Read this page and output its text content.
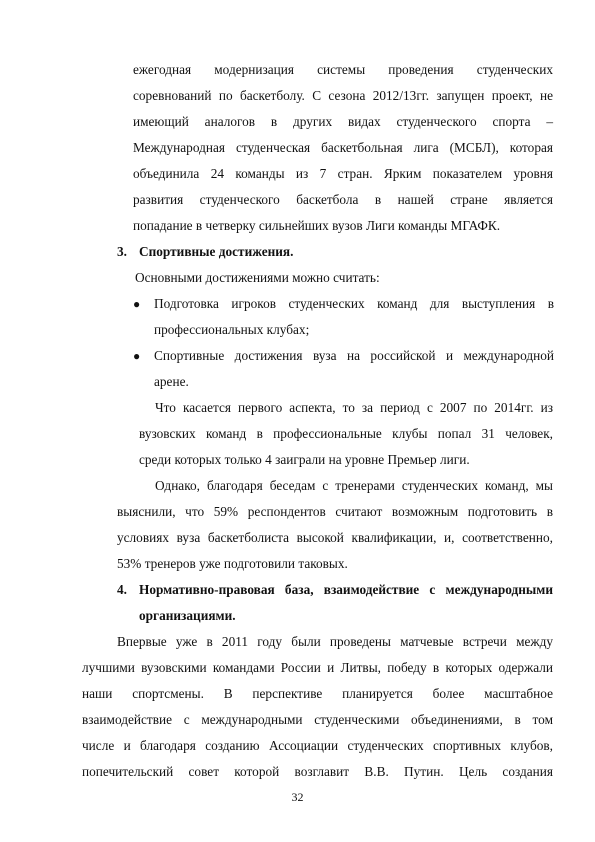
ежегодная модернизация системы проведения студенческих
соревнований по баскетболу. С сезона 2012/13гг. запущен проект, не
имеющий аналогов в других видах студенческого спорта –
Международная студенческая баскетбольная лига (МСБЛ), которая
объединила 24 команды из 7 стран. Ярким показателем уровня
развития студенческого баскетбола в нашей стране является
попадание в четверку сильнейших вузов Лиги команды МГАФК.
3. Спортивные достижения.
Основными достижениями можно считать:
● Подготовка игроков студенческих команд для выступления в
профессиональных клубах;
● Спортивные достижения вуза на российской и международной
арене.
Что касается первого аспекта, то за период с 2007 по 2014гг. из
вузовских команд в профессиональные клубы попал 31 человек,
среди которых только 4 заиграли на уровне Премьер лиги.
Однако, благодаря беседам с тренерами студенческих команд, мы
выяснили, что 59% респондентов считают возможным подготовить в
условиях вуза баскетболиста высокой квалификации, и, соответственно,
53% тренеров уже подготовили таковых.
4. Нормативно-правовая база, взаимодействие с международными
организациями.
Впервые уже в 2011 году были проведены матчевые встречи между
лучшими вузовскими командами России и Литвы, победу в которых одержали
наши спортсмены. В перспективе планируется более масштабное
взаимодействие с международными студенческими объединениями, в том
числе и благодаря созданию Ассоциации студенческих спортивных клубов,
попечительский совет которой возглавит В.В. Путин. Цель создания
32
